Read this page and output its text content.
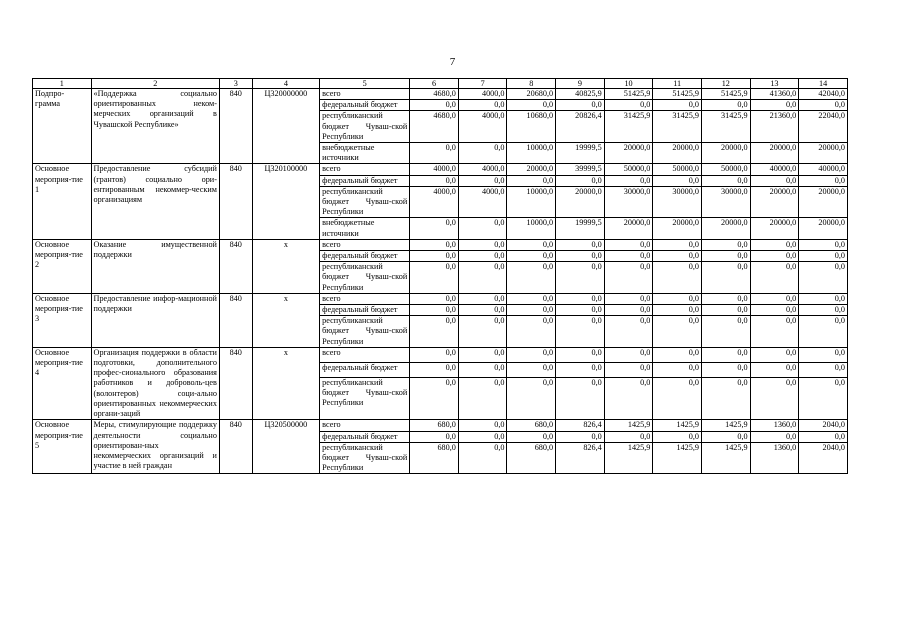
7
1	2	3	4	5	6	7	8	9	10	11	12	13	14
Подпро-грамма	«Поддержка социально ориентированных неком-мерческих организаций в Чувашской Республике»	840	Ц320000000	всего	4680,0	4000,0	20680,0	40825,9	51425,9	51425,9	51425,9	41360,0	42040,0
				федеральный бюджет	0,0	0,0	0,0	0,0	0,0	0,0	0,0	0,0	0,0
				республиканский бюджет Чуваш-ской Республики	4680,0	4000,0	10680,0	20826,4	31425,9	31425,9	31425,9	21360,0	22040,0
				внебюджетные источники	0,0	0,0	10000,0	19999,5	20000,0	20000,0	20000,0	20000,0	20000,0
Основное мероприя-тие 1	Предоставление субсидий (грантов) социально ори-ентированным некоммер-ческим организациям	840	Ц320100000	всего	4000,0	4000,0	20000,0	39999,5	50000,0	50000,0	50000,0	40000,0	40000,0
				федеральный бюджет	0,0	0,0	0,0	0,0	0,0	0,0	0,0	0,0	0,0
				республиканский бюджет Чуваш-ской Республики	4000,0	4000,0	10000,0	20000,0	30000,0	30000,0	30000,0	20000,0	20000,0
				внебюджетные источники	0,0	0,0	10000,0	19999,5	20000,0	20000,0	20000,0	20000,0	20000,0
Основное мероприя-тие 2	Оказание имущественной поддержки	840	x	всего	0,0	0,0	0,0	0,0	0,0	0,0	0,0	0,0	0,0
				федеральный бюджет	0,0	0,0	0,0	0,0	0,0	0,0	0,0	0,0	0,0
				республиканский бюджет Чуваш-ской Республики	0,0	0,0	0,0	0,0	0,0	0,0	0,0	0,0	0,0
Основное мероприя-тие 3	Предоставление инфор-мационной поддержки	840	x	всего	0,0	0,0	0,0	0,0	0,0	0,0	0,0	0,0	0,0
				федеральный бюджет	0,0	0,0	0,0	0,0	0,0	0,0	0,0	0,0	0,0
				республиканский бюджет Чуваш-ской Республики	0,0	0,0	0,0	0,0	0,0	0,0	0,0	0,0	0,0
Основное мероприя-тие 4	Организация поддержки в области подготовки, дополнительного профес-сионального образования работников и доброволь-цев (волонтеров) соци-ально ориентированных некоммерческих органи-заций	840	x	всего	0,0	0,0	0,0	0,0	0,0	0,0	0,0	0,0	0,0
				федеральный бюджет	0,0	0,0	0,0	0,0	0,0	0,0	0,0	0,0	0,0
				республиканский бюджет Чуваш-ской Республики	0,0	0,0	0,0	0,0	0,0	0,0	0,0	0,0	0,0
Основное мероприя-тие 5	Меры, стимулирующие поддержку деятельности социально ориентирован-ных некоммерческих организаций и участие в ней граждан	840	Ц320500000	всего	680,0	0,0	680,0	826,4	1425,9	1425,9	1425,9	1360,0	2040,0
				федеральный бюджет	0,0	0,0	0,0	0,0	0,0	0,0	0,0	0,0	0,0
				республиканский бюджет Чуваш-ской Республики	680,0	0,0	680,0	826,4	1425,9	1425,9	1425,9	1360,0	2040,0
